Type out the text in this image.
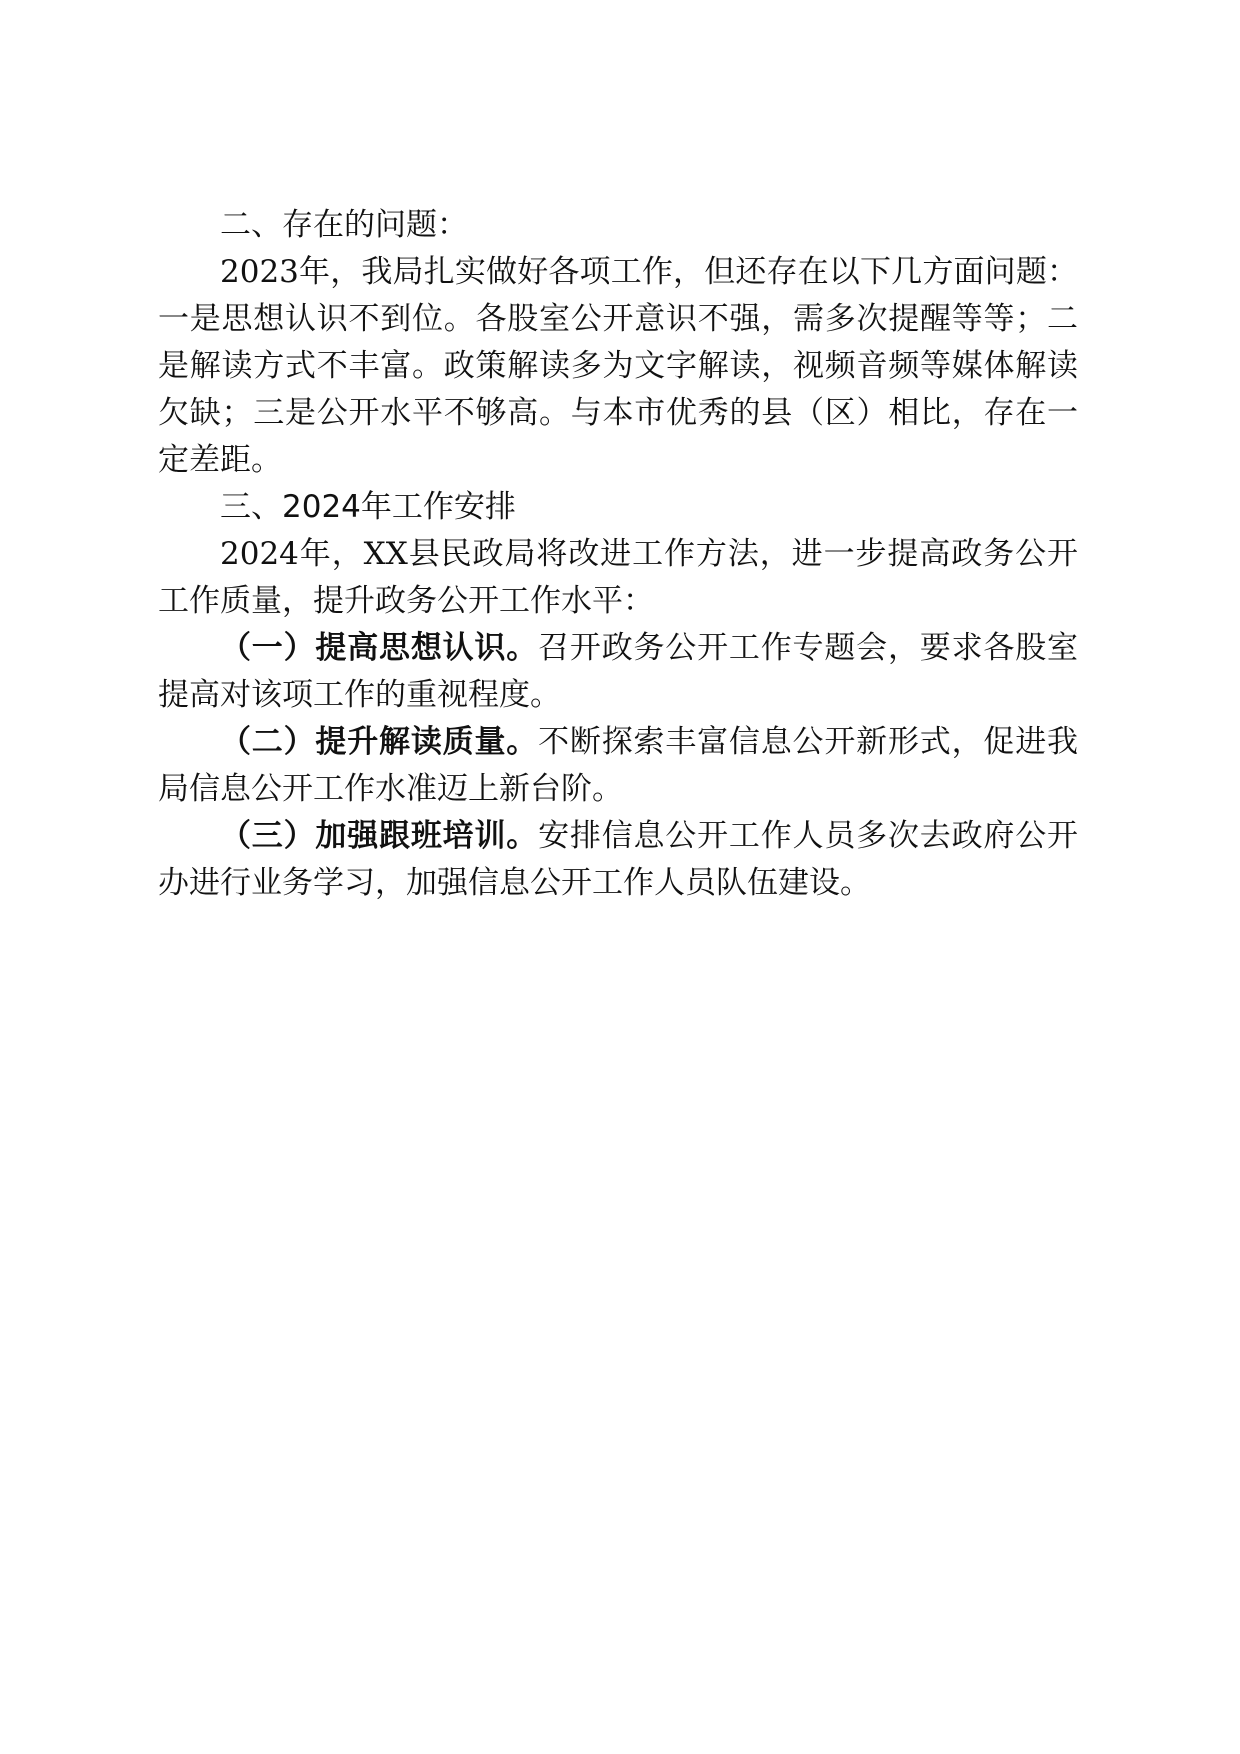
二、存在的问题：

2023年，我局扎实做好各项工作，但还存在以下几方面问题：一是思想认识不到位。各股室公开意识不强，需多次提醒等等；二是解读方式不丰富。政策解读多为文字解读，视频音频等媒体解读欠缺；三是公开水平不够高。与本市优秀的县（区）相比，存在一定差距。

三、2024年工作安排

2024年，XX县民政局将改进工作方法，进一步提高政务公开工作质量，提升政务公开工作水平：

（一）提高思想认识。召开政务公开工作专题会，要求各股室提高对该项工作的重视程度。

（二）提升解读质量。不断探索丰富信息公开新形式，促进我局信息公开工作水准迈上新台阶。

（三）加强跟班培训。安排信息公开工作人员多次去政府公开办进行业务学习，加强信息公开工作人员队伍建设。
